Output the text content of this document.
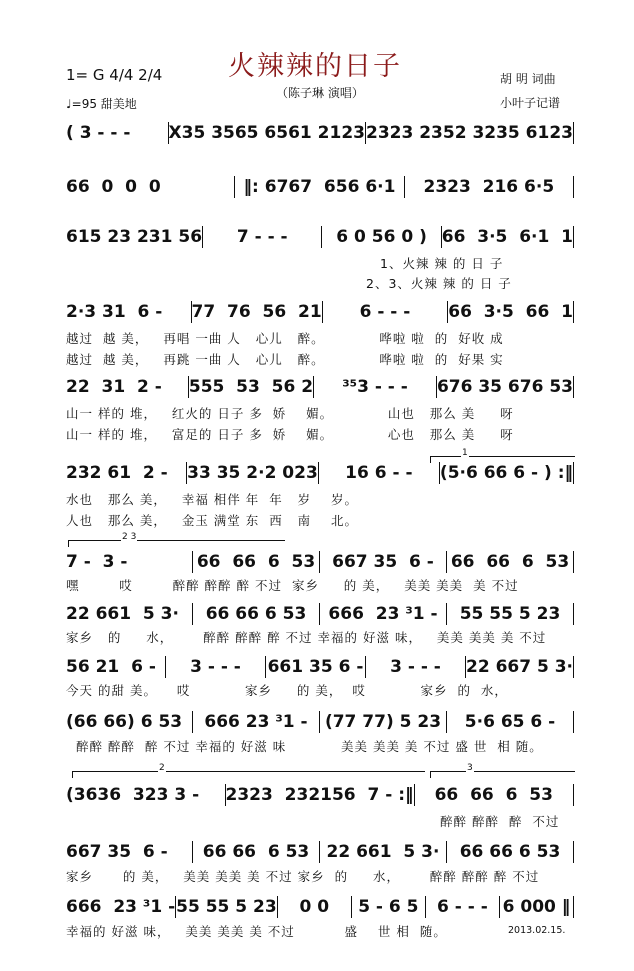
火辣辣的日子
（陈子琳 演唱）
1= G 4/4 2/4
♩=95 甜美地
胡 明 词曲
小叶子记谱
( 3 - - -	X35 3565 6561 2123 2323 2352 3235 6123
66  0  0  0	‖: 6767  656 6·1	2323  216 6·5
615 23 231 56	7 - - -	6 0 56 0 ) 66  3·5  6·1  1
2·3 31  6 -	77  76  56  21	6 - - -	66  3·5  66  1
22  31  2 -	555  53  56 2	³⁵3 - - -	676 35 676 53
232 61  2 -	33 35 2·2 023	16 6 - -	(5·6 66 6 - ) :‖
7 -  3 -	66  66  6  53 667 35  6 -	66  66  6  53
22 661  5 3·	66 66 6 53	666  23 ³1 -	55 55 5 23
56 21  6 -	3 - - -	661 35 6 -	3 - - -	22 667 5 3·
(66 66) 6 53	666 23 ³1 -	(77 77) 5 23	5·6 65 6 -
(3636  323 3 -	2323  232156  7 - :‖	66  66  6  53
667 35  6 -	66 66  6 53	22 661  5 3·	66 66 6 53
666  23 ³1 - 55 55 5 23	0 0	5 - 6 5	6 - - - 6 000 ‖
1、火辣 辣 的 日 子
2、3、火辣 辣 的 日 子
越过  越 美，   再唱 一曲 人   心儿   醉。           哗啦 啦  的  好收 成
越过  越 美，   再跳 一曲 人   心儿   醉。           哗啦 啦  的  好果 实
山一 样的 堆，   红火的 日子 多  娇    媚。           山也   那么 美     呀
山一 样的 堆，   富足的 日子 多  娇    媚。           心也   那么 美     呀
水也   那么 美，   幸福 相伴 年  年   岁    岁。
人也   那么 美，   金玉 满堂 东  西   南    北。
嘿        哎        醉醉 醉醉 醉 不过  家乡     的 美，   美美 美美  美 不过
家乡   的     水，      醉醉 醉醉 醉 不过 幸福的 好滋 味，   美美 美美 美 不过
今天 的甜 美。    哎           家乡     的 美，  哎           家乡  的  水，
醉醉 醉醉  醉 不过 幸福的 好滋 味           美美 美美 美 不过 盛 世  相 随。
醉醉 醉醉  醉  不过
家乡      的 美，   美美 美美 美 不过 家乡  的     水，      醉醉 醉醉 醉 不过
幸福的 好滋 味，   美美 美美 美 不过          盛    世 相  随。
1
2 3
2	3
2013.02.15.
